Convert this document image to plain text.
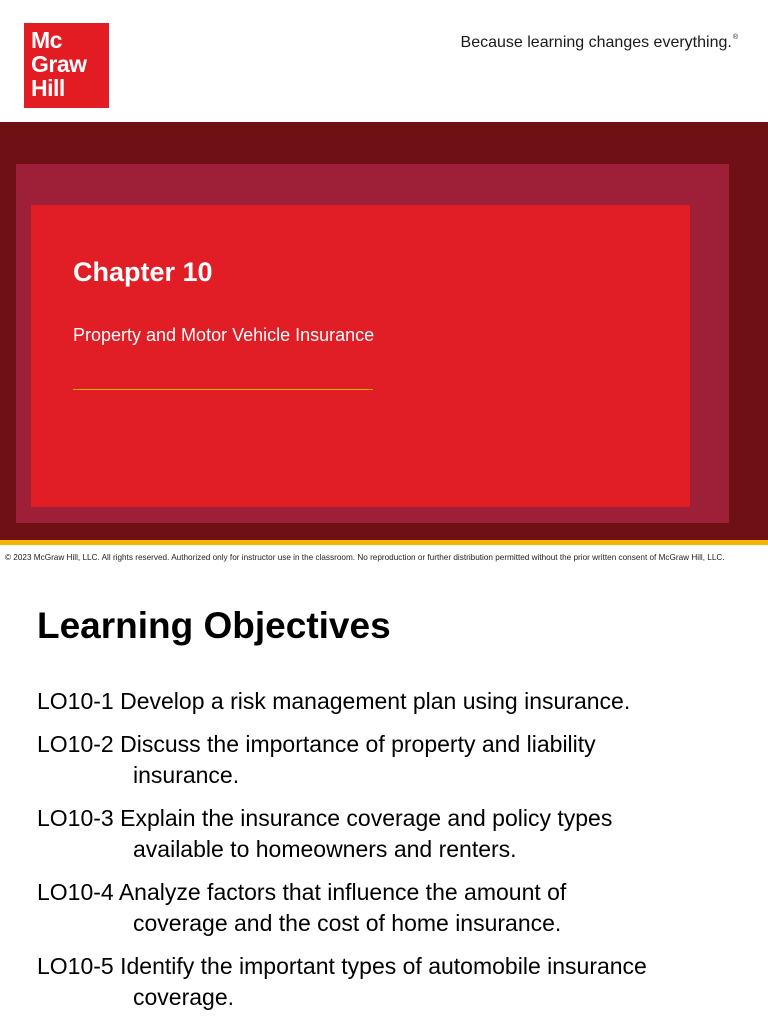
Mc
Graw
Hill
Because learning changes everything.®
Chapter 10
Property and Motor Vehicle Insurance
© 2023 McGraw Hill, LLC. All rights reserved. Authorized only for instructor use in the classroom. No reproduction or further distribution permitted without the prior written consent of McGraw Hill, LLC.
Learning Objectives
LO10-1 Develop a risk management plan using insurance.
LO10-2 Discuss the importance of property and liability
insurance.
LO10-3 Explain the insurance coverage and policy types
available to homeowners and renters.
LO10-4 Analyze factors that influence the amount of
coverage and the cost of home insurance.
LO10-5 Identify the important types of automobile insurance
coverage.
